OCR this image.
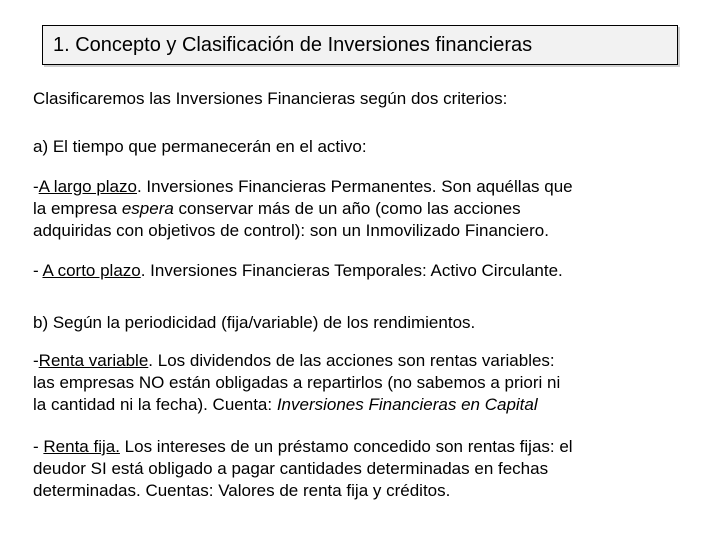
1. Concepto y Clasificación de Inversiones financieras
Clasificaremos las Inversiones Financieras según dos criterios:
a) El tiempo que permanecerán en el activo:
-A largo plazo. Inversiones Financieras Permanentes. Son aquéllas que
la empresa espera conservar más de un año (como las acciones
adquiridas con objetivos de control): son un Inmovilizado Financiero.
- A corto plazo. Inversiones Financieras Temporales: Activo Circulante.
b) Según la periodicidad (fija/variable) de los rendimientos.
-Renta variable. Los dividendos de las acciones son rentas variables:
las empresas NO están obligadas a repartirlos (no sabemos a priori ni
la cantidad ni la fecha). Cuenta: Inversiones Financieras en Capital
- Renta fija. Los intereses de un préstamo concedido son rentas fijas: el
deudor SI está obligado a pagar cantidades determinadas en fechas
determinadas. Cuentas: Valores de renta fija y créditos.
